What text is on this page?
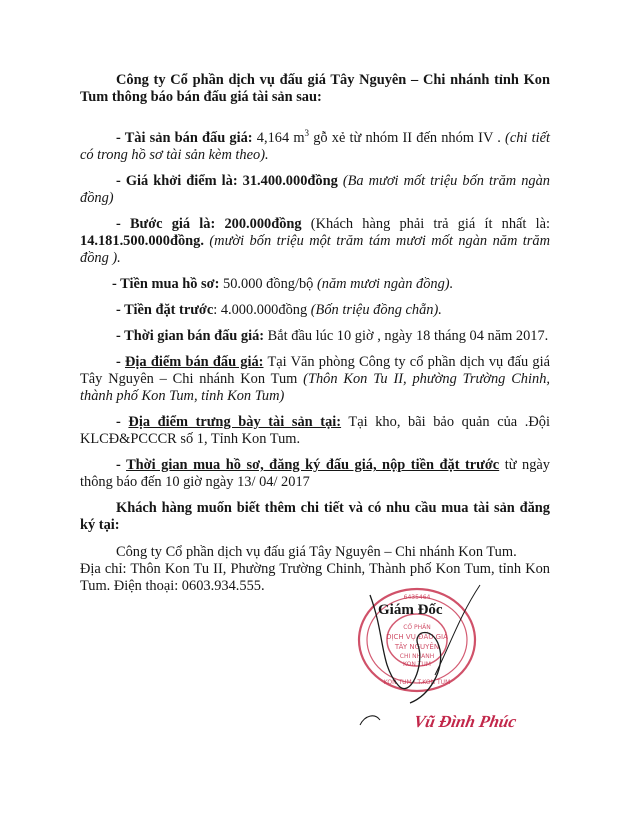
Công ty Cổ phần dịch vụ đấu giá Tây Nguyên – Chi nhánh tỉnh Kon Tum thông báo bán đấu giá tài sản sau:

- Tài sản bán đấu giá: 4,164 $m^3$ gỗ xẻ từ nhóm II đến nhóm IV . (chi tiết có trong hồ sơ tài sản kèm theo).

- Giá khởi điểm là: 31.400.000đồng (Ba mươi mốt triệu bốn trăm ngàn đồng)

- Bước giá là: 200.000đồng (Khách hàng phải trả giá ít nhất là: 14.181.500.000đồng. (mười bốn triệu một trăm tám mươi mốt ngàn năm trăm đồng ).

- Tiền mua hồ sơ: 50.000 đồng/bộ (năm mươi ngàn đồng).

- Tiền đặt trước: 4.000.000đồng (Bốn triệu đồng chẵn).

- Thời gian bán đấu giá: Bắt đầu lúc 10 giờ , ngày 18 tháng 04 năm 2017.

- Địa điểm bán đấu giá: Tại Văn phòng Công ty cổ phần dịch vụ đấu giá Tây Nguyên – Chi nhánh Kon Tum (Thôn Kon Tu II, phường Trường Chinh, thành phố Kon Tum, tỉnh Kon Tum)

- Địa điểm trưng bày tài sản tại: Tại kho, bãi bảo quản của .Đội KLCĐ&PCCCR số 1, Tỉnh Kon Tum.

- Thời gian mua hồ sơ, đăng ký đấu giá, nộp tiền đặt trước từ ngày thông báo đến 10 giờ ngày 13/ 04/ 2017

Khách hàng muốn biết thêm chi tiết và có nhu cầu mua tài sản đăng ký tại:

Công ty Cổ phần dịch vụ đấu giá Tây Nguyên – Chi nhánh Kon Tum.

Địa chỉ: Thôn Kon Tu II, Phường Trường Chinh, Thành phố Kon Tum, tỉnh Kon Tum. Điện thoại: 0603.934.555.

CỔ PHẦN
DỊCH VỤ ĐẤU GIÁ
TÂY NGUYÊN
CHI NHÁNH
KON TUM
6435464
KON TUM · T.KON TUM
Giám Đốc
Vũ Đình Phúc
